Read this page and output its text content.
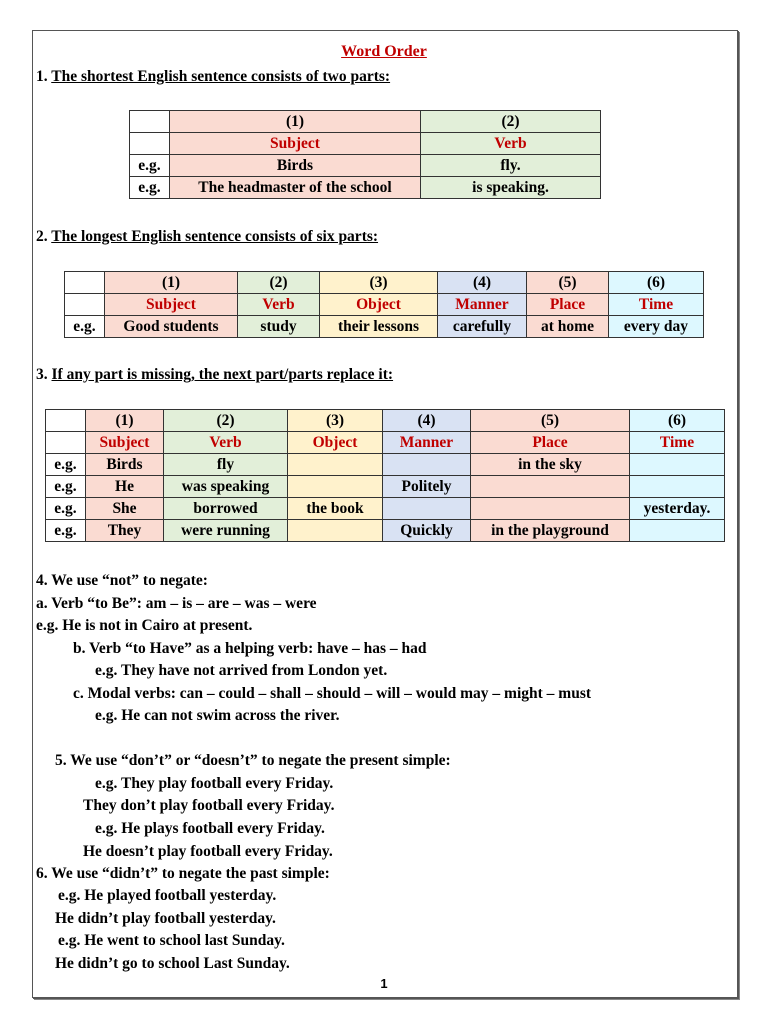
Word Order
1. The shortest English sentence consists of two parts:
	(1)	(2)
	Subject	Verb
e.g.	Birds	fly.
e.g.	The headmaster of the school	is speaking.
2. The longest English sentence consists of six parts:
	(1)	(2)	(3)	(4)	(5)	(6)
	Subject	Verb	Object	Manner	Place	Time
e.g.	Good students	study	their lessons	carefully	at home	every day
3. If any part is missing, the next part/parts replace it:
	(1)	(2)	(3)	(4)	(5)	(6)
	Subject	Verb	Object	Manner	Place	Time
e.g.	Birds	fly			in the sky	
e.g.	He	was speaking		Politely		
e.g.	She	borrowed	the book			yesterday.
e.g.	They	were running		Quickly	in the playground	
4. We use “not” to negate:
a. Verb “to Be”: am – is – are – was – were
e.g. He is not in Cairo at present.
b. Verb “to Have” as a helping verb: have – has – had
e.g. They have not arrived from London yet.
c. Modal verbs: can – could – shall – should – will – would may – might – must
e.g. He can not swim across the river.
5. We use “don’t” or “doesn’t” to negate the present simple:
e.g. They play football every Friday.
They don’t play football every Friday.
e.g. He plays football every Friday.
He doesn’t play football every Friday.
6. We use “didn’t” to negate the past simple:
e.g. He played football yesterday.
He didn’t play football yesterday.
e.g. He went to school last Sunday.
He didn’t go to school Last Sunday.
1
